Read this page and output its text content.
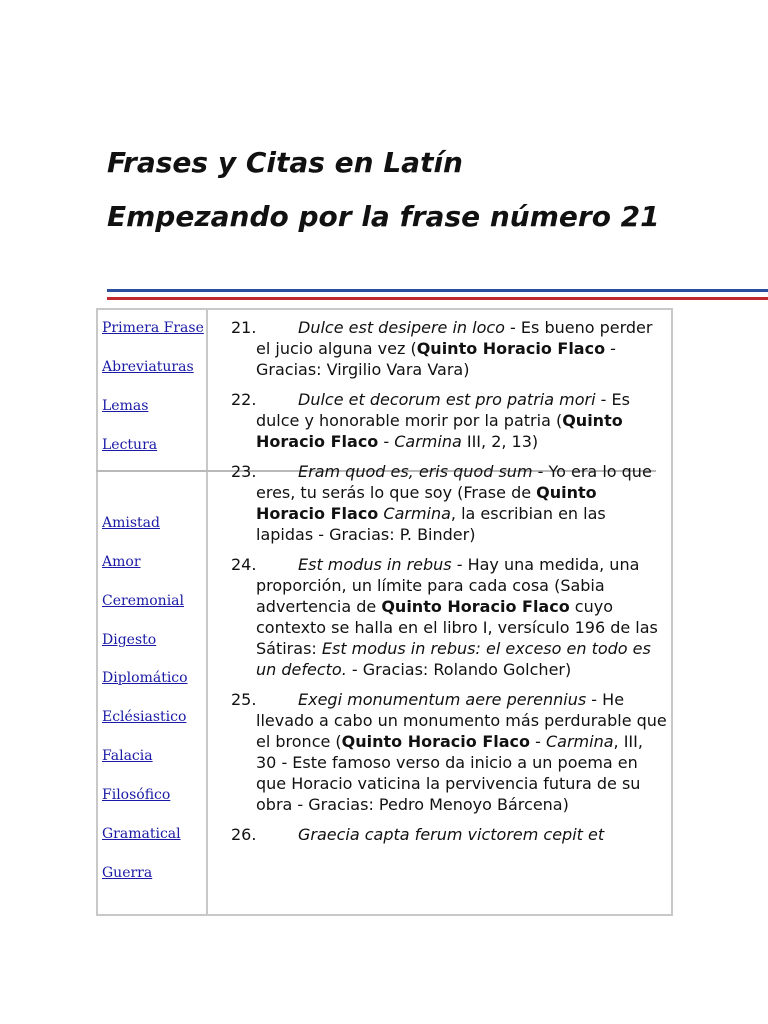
Frases y Citas en Latín
Empezando por la frase número 21
Primera Frase
Abreviaturas
Lemas
Lectura
Amistad
Amor
Ceremonial
Digesto
Diplomático
Eclésiastico
Falacia
Filosófico
Gramatical
Guerra

21.	Dulce est desipere in loco - Es bueno perder el jucio alguna vez (Quinto Horacio Flaco - Gracias: Virgilio Vara Vara)

22.	Dulce et decorum est pro patria mori - Es dulce y honorable morir por la patria (Quinto Horacio Flaco - Carmina III, 2, 13)

23.	Eram quod es, eris quod sum - Yo era lo que eres, tu serás lo que soy (Frase de Quinto Horacio Flaco Carmina, la escribian en las lapidas - Gracias: P. Binder)

24.	Est modus in rebus - Hay una medida, una proporción, un límite para cada cosa (Sabia advertencia de Quinto Horacio Flaco cuyo contexto se halla en el libro I, versículo 196 de las Sátiras: Est modus in rebus: el exceso en todo es un defecto. - Gracias: Rolando Golcher)

25.	Exegi monumentum aere perennius - He llevado a cabo un monumento más perdurable que el bronce (Quinto Horacio Flaco - Carmina, III, 30 - Este famoso verso da inicio a un poema en que Horacio vaticina la pervivencia futura de su obra - Gracias: Pedro Menoyo Bárcena)

26.	Graecia capta ferum victorem cepit et
